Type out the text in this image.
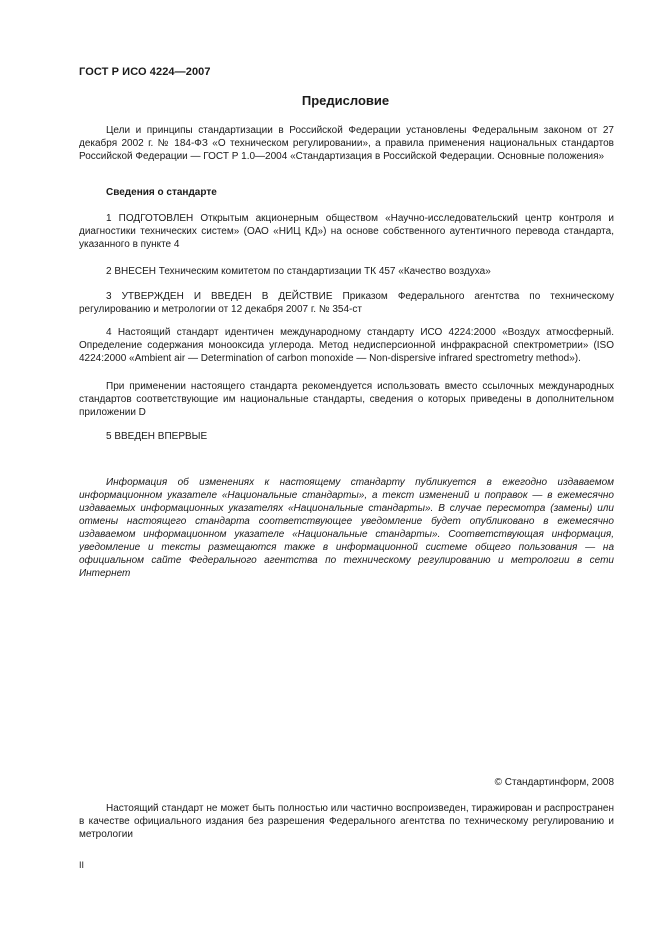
ГОСТ Р ИСО 4224—2007
Предисловие

Цели и принципы стандартизации в Российской Федерации установлены Федеральным законом от 27 декабря 2002 г. № 184-ФЗ «О техническом регулировании», а правила применения национальных стандартов Российской Федерации — ГОСТ Р 1.0—2004 «Стандартизация в Российской Федерации. Основные положения»

Сведения о стандарте

1 ПОДГОТОВЛЕН Открытым акционерным обществом «Научно-исследовательский центр контроля и диагностики технических систем» (ОАО «НИЦ КД») на основе собственного аутентичного перевода стандарта, указанного в пункте 4

2 ВНЕСЕН Техническим комитетом по стандартизации ТК 457 «Качество воздуха»

3 УТВЕРЖДЕН И ВВЕДЕН В ДЕЙСТВИЕ Приказом Федерального агентства по техническому регулированию и метрологии от 12 декабря 2007 г. № 354-ст

4 Настоящий стандарт идентичен международному стандарту ИСО 4224:2000 «Воздух атмосферный. Определение содержания монооксида углерода. Метод недисперсионной инфракрасной спектрометрии» (ISO 4224:2000 «Ambient air — Determination of carbon monoxide — Non-dispersive infrared spectrometry method»).

При применении настоящего стандарта рекомендуется использовать вместо ссылочных международных стандартов соответствующие им национальные стандарты, сведения о которых приведены в дополнительном приложении D

5 ВВЕДЕН ВПЕРВЫЕ

Информация об изменениях к настоящему стандарту публикуется в ежегодно издаваемом информационном указателе «Национальные стандарты», а текст изменений и поправок — в ежемесячно издаваемых информационных указателях «Национальные стандарты». В случае пересмотра (замены) или отмены настоящего стандарта соответствующее уведомление будет опубликовано в ежемесячно издаваемом информационном указателе «Национальные стандарты». Соответствующая информация, уведомление и тексты размещаются также в информационной системе общего пользования — на официальном сайте Федерального агентства по техническому регулированию и метрологии в сети Интернет

© Стандартинформ, 2008

Настоящий стандарт не может быть полностью или частично воспроизведен, тиражирован и распространен в качестве официального издания без разрешения Федерального агентства по техническому регулированию и метрологии

II
